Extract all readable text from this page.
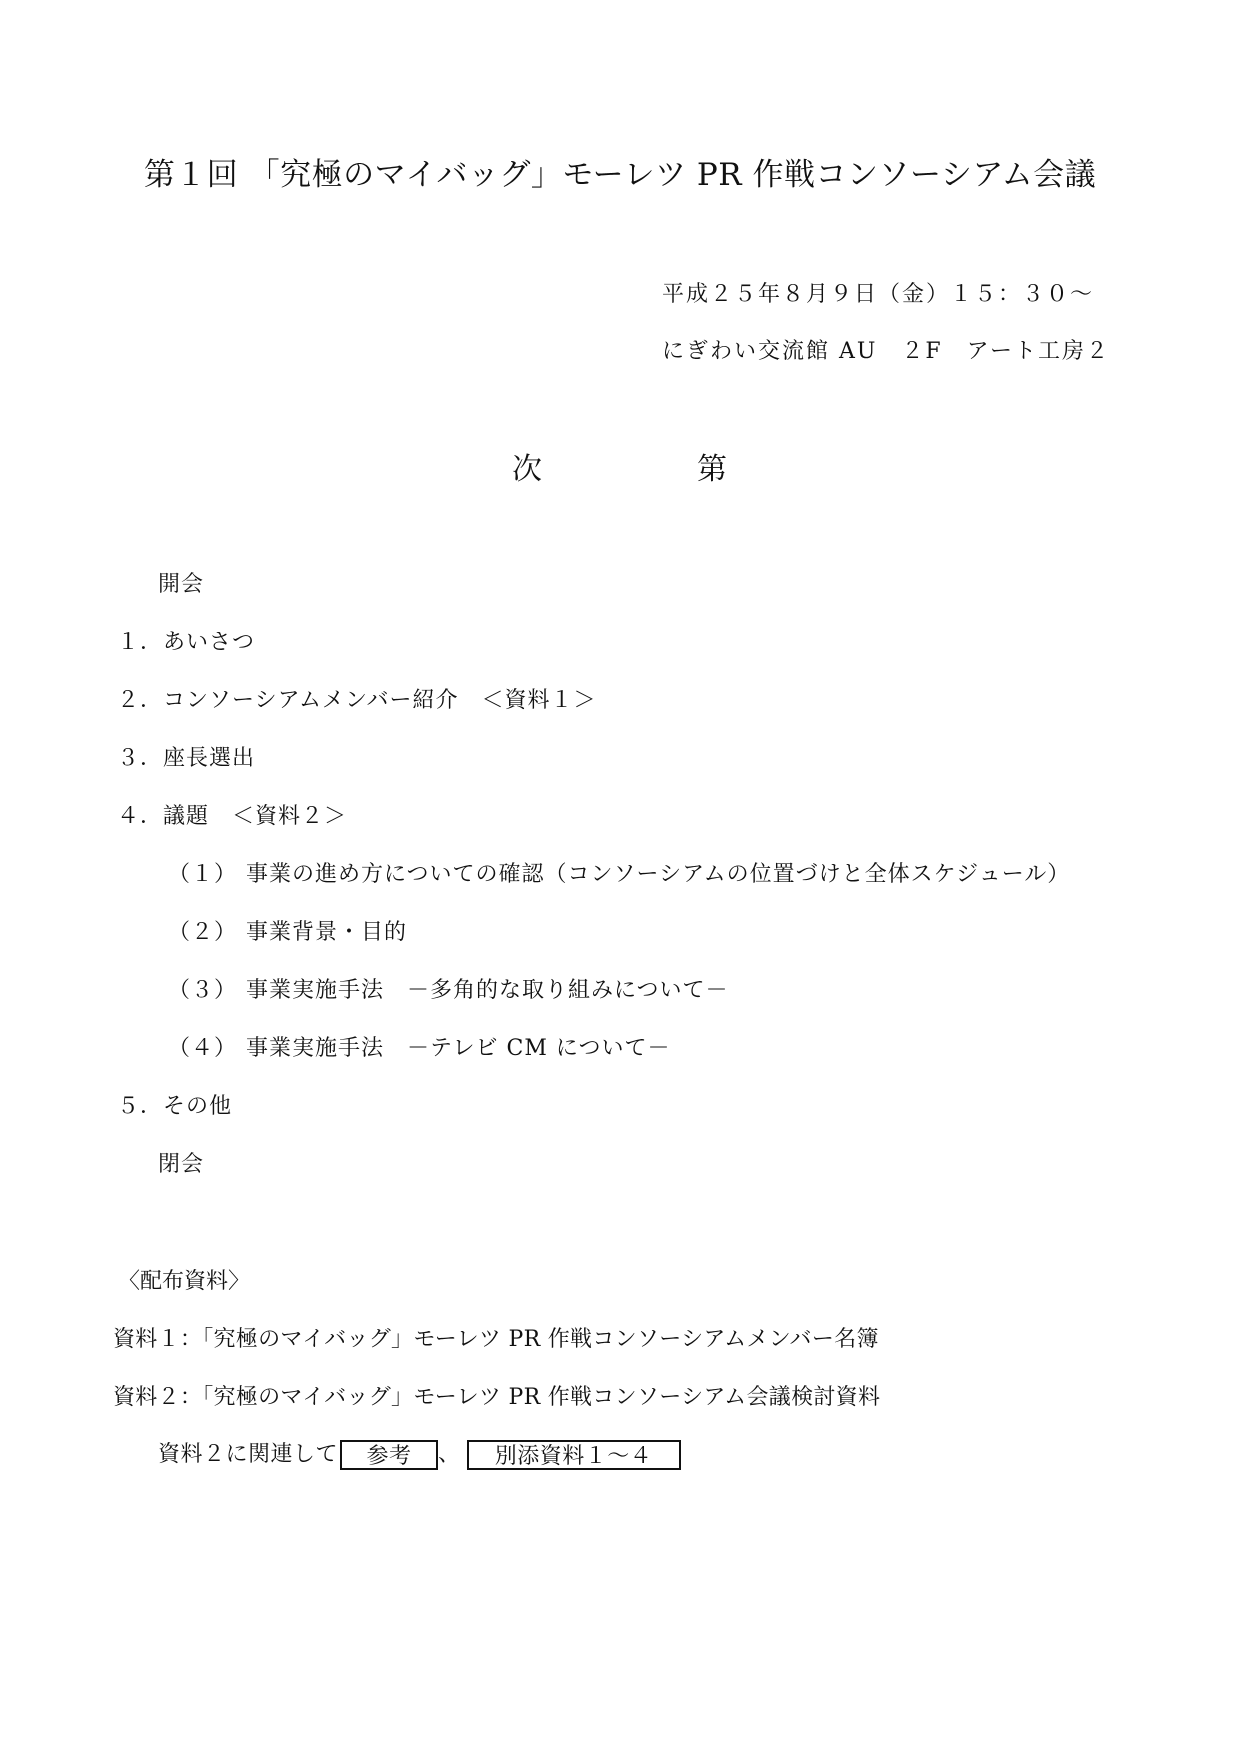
第１回 「究極のマイバッグ」モーレツ PR 作戦コンソーシアム会議
平成２５年８月９日（金）１５：３０～
にぎわい交流館 AU　２F　アート工房２
次	第
開会
１．あいさつ
２．コンソーシアムメンバー紹介　＜資料１＞
３．座長選出
４．議題　＜資料２＞
（１） 事業の進め方についての確認（コンソーシアムの位置づけと全体スケジュール）
（２） 事業背景・目的
（３） 事業実施手法　－多角的な取り組みについて－
（４） 事業実施手法　－テレビ CM について－
５．その他
閉会
〈配布資料〉
資料１：「究極のマイバッグ」モーレツ PR 作戦コンソーシアムメンバー名簿
資料２：「究極のマイバッグ」モーレツ PR 作戦コンソーシアム会議検討資料
資料２に関連して 参考 、 別添資料１～４
